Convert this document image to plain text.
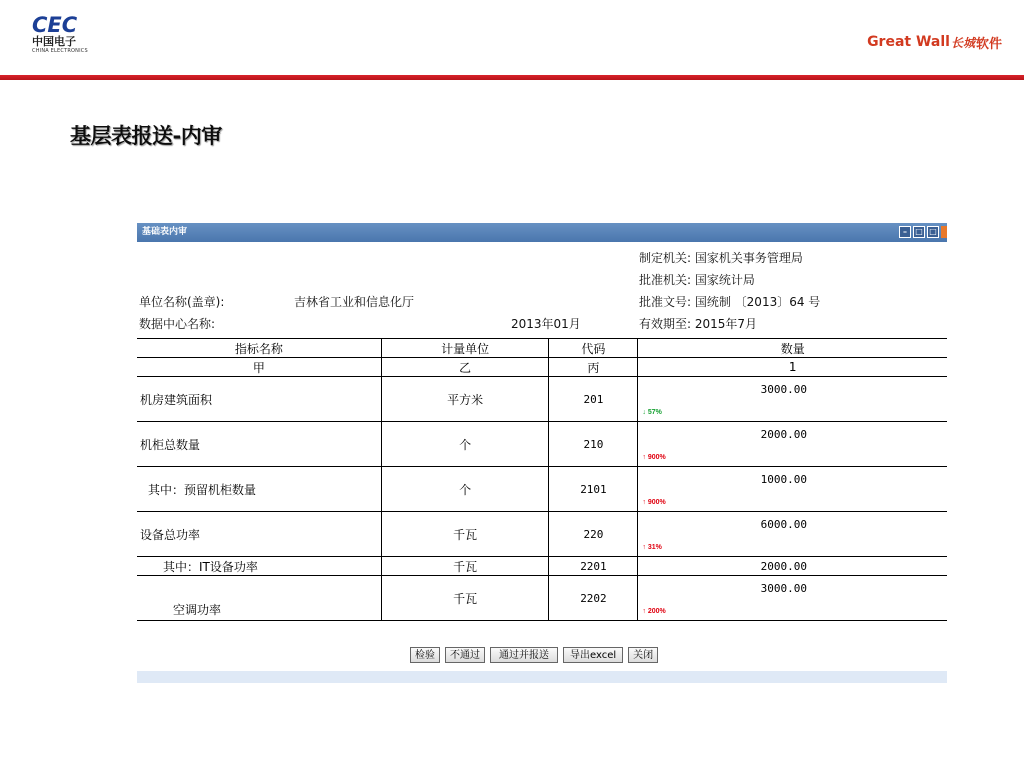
CEC
中国电子
CHINA ELECTRONICS
Great Wall 长城 软件
基层表报送-内审
基础表内审	–	□ □
制定机关: 国家机关事务管理局
批准机关: 国家统计局
单位名称(盖章):	吉林省工业和信息化厅	批准文号: 国统制 〔2013〕64 号
数据中心名称:	2013年01月	有效期至: 2015年7月
指标名称	计量单位	代码	数量
甲	乙	丙	1
机房建筑面积	平方米	201	3000.00
↓ 57%

机柜总数量	个	210	2000.00
↑ 900%

其中：预留机柜数量	个	2101	1000.00
↑ 900%

设备总功率	千瓦	220	6000.00
↑ 31%

其中：IT设备功率	千瓦	2201	2000.00

空调功率	千瓦	2202	3000.00
↑ 200%
检验	不通过	通过并报送	导出excel	关闭
